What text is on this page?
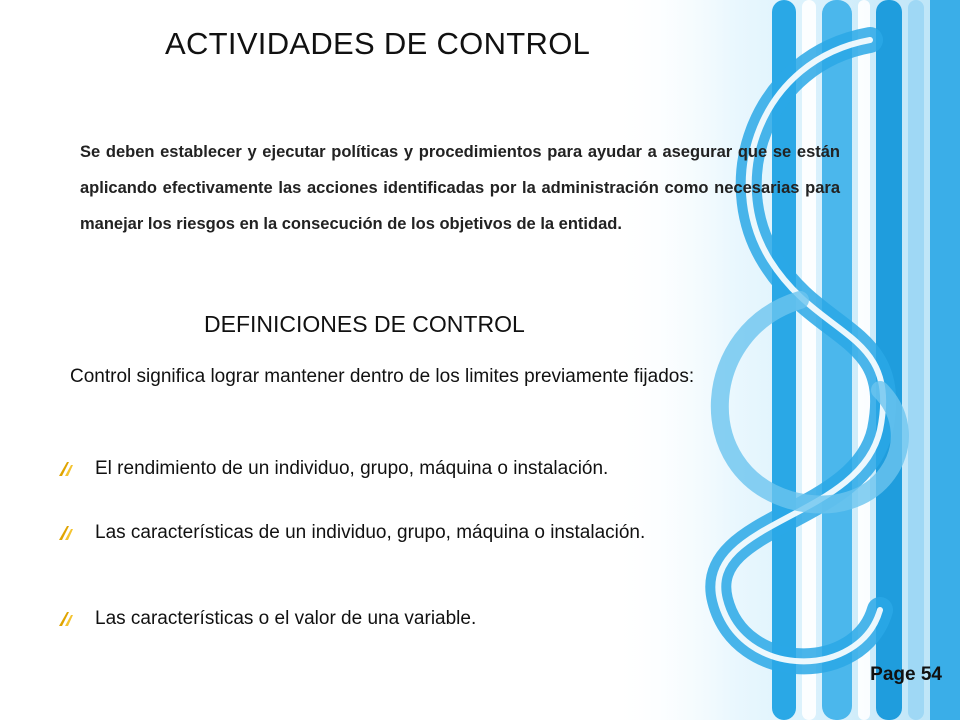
ACTIVIDADES DE CONTROL
Se deben establecer y ejecutar políticas y procedimientos para ayudar a asegurar que se están aplicando efectivamente las acciones identificadas por la administración como necesarias para manejar los riesgos en la consecución de los objetivos de la entidad.
DEFINICIONES DE CONTROL
Control significa lograr mantener dentro de los limites previamente fijados:
El rendimiento de un individuo, grupo, máquina o instalación.
Las características de un individuo, grupo, máquina o instalación.
Las características o el valor de una variable.
Page 54
